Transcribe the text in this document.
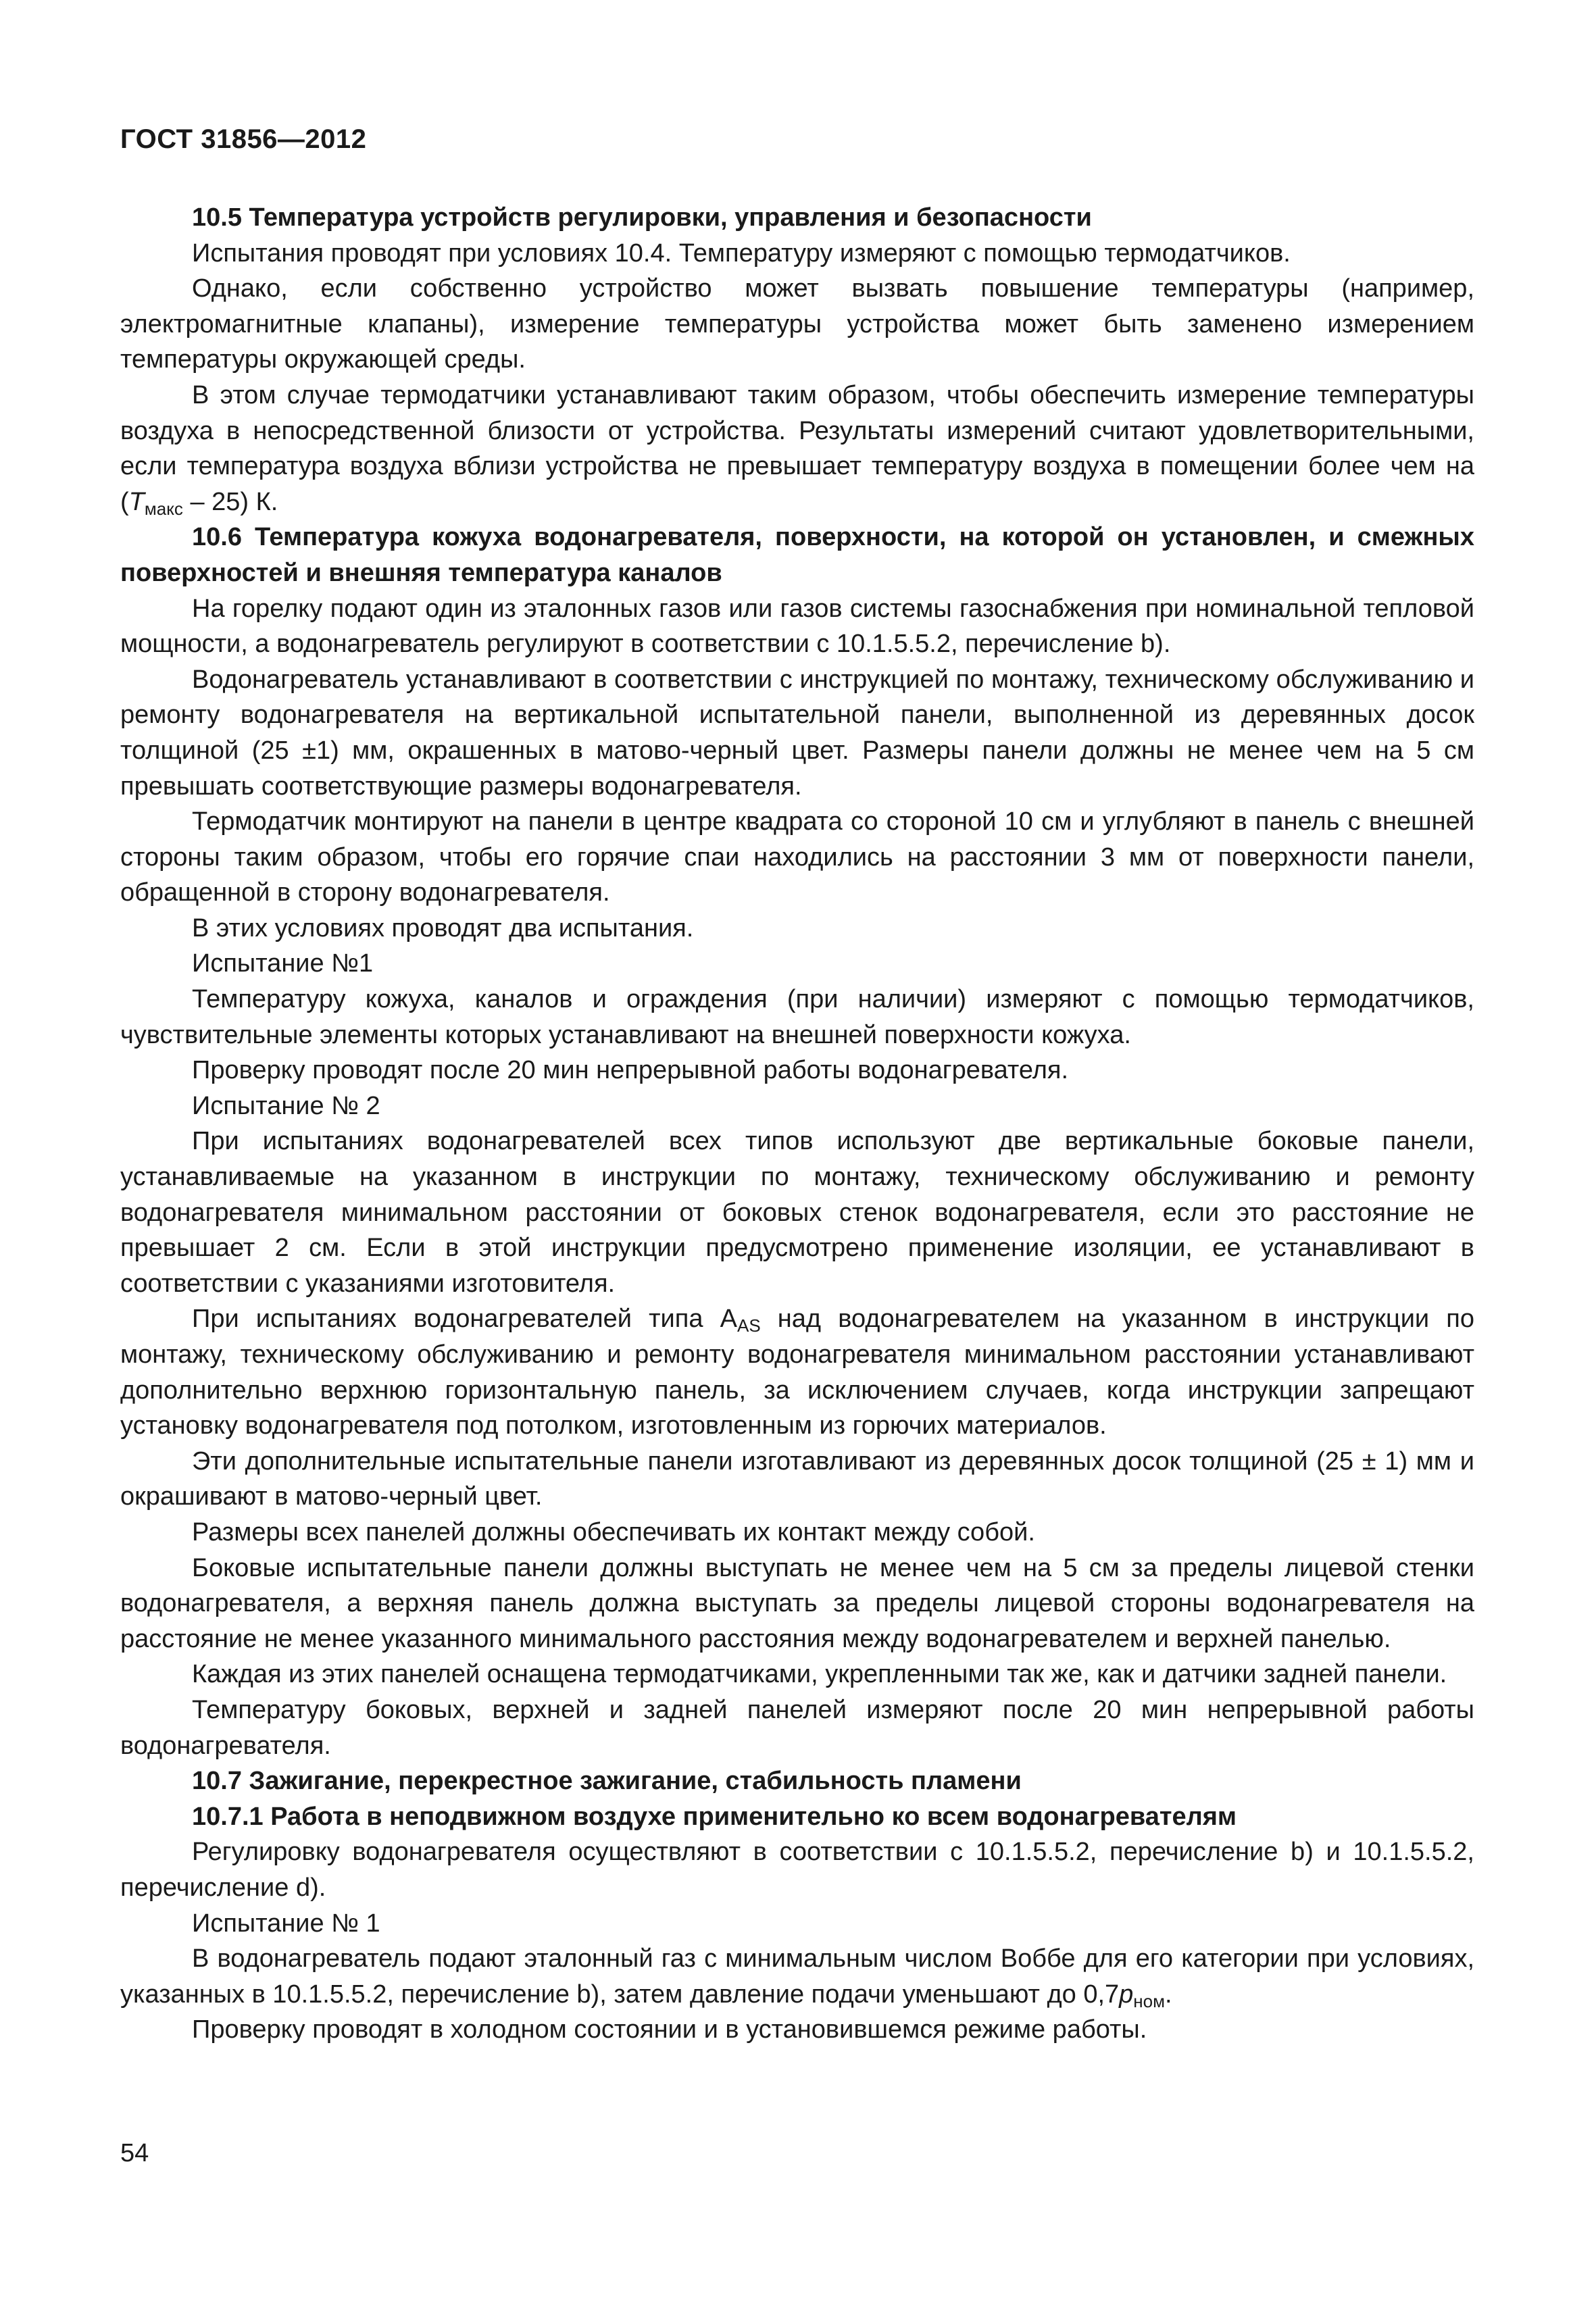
ГОСТ 31856—2012

10.5 Температура устройств регулировки, управления и безопасности

Испытания проводят при условиях 10.4. Температуру измеряют с помощью термодатчиков.

Однако, если собственно устройство может вызвать повышение температуры (например, электромагнитные клапаны), измерение температуры устройства может быть заменено измерением температуры окружающей среды.

В этом случае термодатчики устанавливают таким образом, чтобы обеспечить измерение температуры воздуха в непосредственной близости от устройства. Результаты измерений считают удовлетворительными, если температура воздуха вблизи устройства не превышает температуру воздуха в помещении более чем на $(T_{макс} - 25)$ К.

10.6 Температура кожуха водонагревателя, поверхности, на которой он установлен, и смежных поверхностей и внешняя температура каналов

На горелку подают один из эталонных газов или газов системы газоснабжения при номинальной тепловой мощности, а водонагреватель регулируют в соответствии с 10.1.5.5.2, перечисление b).

Водонагреватель устанавливают в соответствии с инструкцией по монтажу, техническому обслуживанию и ремонту водонагревателя на вертикальной испытательной панели, выполненной из деревянных досок толщиной (25 ±1) мм, окрашенных в матово-черный цвет. Размеры панели должны не менее чем на 5 см превышать соответствующие размеры водонагревателя.

Термодатчик монтируют на панели в центре квадрата со стороной 10 см и углубляют в панель с внешней стороны таким образом, чтобы его горячие спаи находились на расстоянии 3 мм от поверхности панели, обращенной в сторону водонагревателя.

В этих условиях проводят два испытания.

Испытание №1

Температуру кожуха, каналов и ограждения (при наличии) измеряют с помощью термодатчиков, чувствительные элементы которых устанавливают на внешней поверхности кожуха.

Проверку проводят после 20 мин непрерывной работы водонагревателя.

Испытание № 2

При испытаниях водонагревателей всех типов используют две вертикальные боковые панели, устанавливаемые на указанном в инструкции по монтажу, техническому обслуживанию и ремонту водонагревателя минимальном расстоянии от боковых стенок водонагревателя, если это расстояние не превышает 2 см. Если в этой инструкции предусмотрено применение изоляции, ее устанавливают в соответствии с указаниями изготовителя.

При испытаниях водонагревателей типа $А_{AS}$ над водонагревателем на указанном в инструкции по монтажу, техническому обслуживанию и ремонту водонагревателя минимальном расстоянии устанавливают дополнительно верхнюю горизонтальную панель, за исключением случаев, когда инструкции запрещают установку водонагревателя под потолком, изготовленным из горючих материалов.

Эти дополнительные испытательные панели изготавливают из деревянных досок толщиной (25 ± 1) мм и окрашивают в матово-черный цвет.

Размеры всех панелей должны обеспечивать их контакт между собой.

Боковые испытательные панели должны выступать не менее чем на 5 см за пределы лицевой стенки водонагревателя, а верхняя панель должна выступать за пределы лицевой стороны водонагревателя на расстояние не менее указанного минимального расстояния между водонагревателем и верхней панелью.

Каждая из этих панелей оснащена термодатчиками, укрепленными так же, как и датчики задней панели.

Температуру боковых, верхней и задней панелей измеряют после 20 мин непрерывной работы водонагревателя.

10.7 Зажигание, перекрестное зажигание, стабильность пламени

10.7.1 Работа в неподвижном воздухе применительно ко всем водонагревателям

Регулировку водонагревателя осуществляют в соответствии с 10.1.5.5.2, перечисление b) и 10.1.5.5.2, перечисление d).

Испытание № 1

В водонагреватель подают эталонный газ с минимальным числом Воббе для его категории при условиях, указанных в 10.1.5.5.2, перечисление b), затем давление подачи уменьшают до $0,7p_{ном}$.

Проверку проводят в холодном состоянии и в установившемся режиме работы.

54
